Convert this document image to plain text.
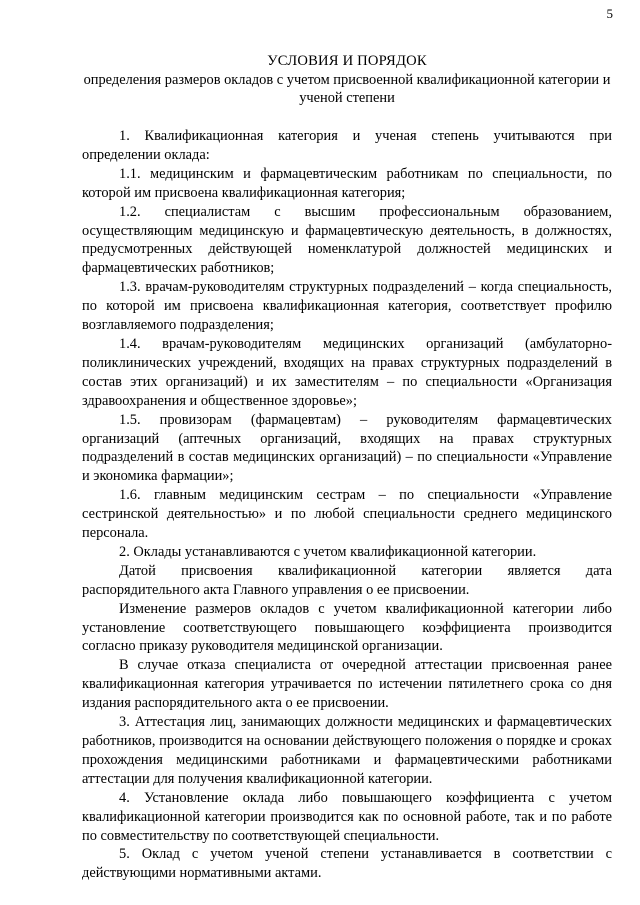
5
УСЛОВИЯ И ПОРЯДОК
определения размеров окладов с учетом присвоенной квалификационной категории и ученой степени

1. Квалификационная категория и ученая степень учитываются при определении оклада:

1.1. медицинским и фармацевтическим работникам по специальности, по которой им присвоена квалификационная категория;

1.2. специалистам с высшим профессиональным образованием, осуществляющим медицинскую и фармацевтическую деятельность, в должностях, предусмотренных действующей номенклатурой должностей медицинских и фармацевтических работников;

1.3. врачам-руководителям структурных подразделений – когда специальность, по которой им присвоена квалификационная категория, соответствует профилю возглавляемого подразделения;

1.4. врачам-руководителям медицинских организаций (амбулаторно-поликлинических учреждений, входящих на правах структурных подразделений в состав этих организаций) и их заместителям – по специальности «Организация здравоохранения и общественное здоровье»;

1.5. провизорам (фармацевтам) – руководителям фармацевтических организаций (аптечных организаций, входящих на правах структурных подразделений в состав медицинских организаций) – по специальности «Управление и экономика фармации»;

1.6. главным медицинским сестрам – по специальности «Управление сестринской деятельностью» и по любой специальности среднего медицинского персонала.

2. Оклады устанавливаются с учетом квалификационной категории.

Датой присвоения квалификационной категории является дата распорядительного акта Главного управления о ее присвоении.

Изменение размеров окладов с учетом квалификационной категории либо установление соответствующего повышающего коэффициента производится согласно приказу руководителя медицинской организации.

В случае отказа специалиста от очередной аттестации присвоенная ранее квалификационная категория утрачивается по истечении пятилетнего срока со дня издания распорядительного акта о ее присвоении.

3. Аттестация лиц, занимающих должности медицинских и фармацевтических работников, производится на основании действующего положения о порядке и сроках прохождения медицинскими работниками и фармацевтическими работниками аттестации для получения квалификационной категории.

4. Установление оклада либо повышающего коэффициента с учетом квалификационной категории производится как по основной работе, так и по работе по совместительству по соответствующей специальности.

5. Оклад с учетом ученой степени устанавливается в соответствии с действующими нормативными актами.
